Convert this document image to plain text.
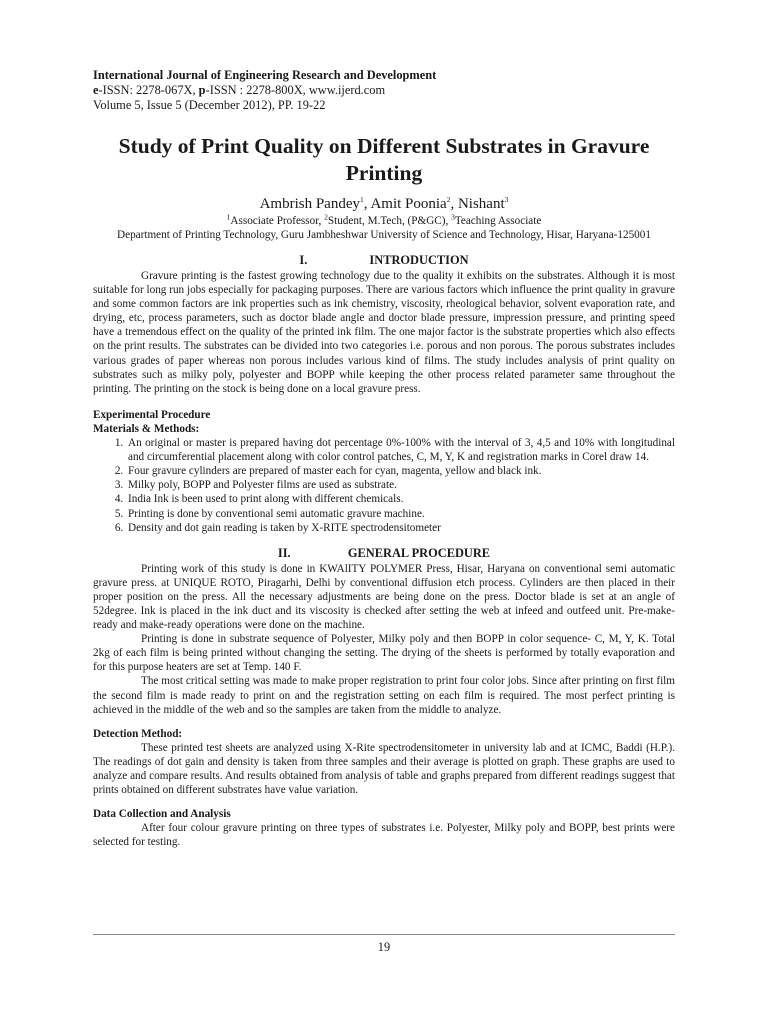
International Journal of Engineering Research and Development
e-ISSN: 2278-067X, p-ISSN : 2278-800X, www.ijerd.com
Volume 5, Issue 5 (December 2012), PP. 19-22
Study of Print Quality on Different Substrates in Gravure Printing
Ambrish Pandey$^1$, Amit Poonia$^2$, Nishant$^3$
$^1$Associate Professor, $^2$Student, M.Tech, (P&GC), $^3$Teaching Associate
Department of Printing Technology, Guru Jambheshwar University of Science and Technology, Hisar, Haryana-125001
I.	INTRODUCTION

Gravure printing is the fastest growing technology due to the quality it exhibits on the substrates. Although it is most suitable for long run jobs especially for packaging purposes. There are various factors which influence the print quality in gravure and some common factors are ink properties such as ink chemistry, viscosity, rheological behavior, solvent evaporation rate, and drying, etc, process parameters, such as doctor blade angle and doctor blade pressure, impression pressure, and printing speed have a tremendous effect on the quality of the printed ink film. The one major factor is the substrate properties which also effects on the print results. The substrates can be divided into two categories i.e. porous and non porous. The porous substrates includes various grades of paper whereas non porous includes various kind of films. The study includes analysis of print quality on substrates such as milky poly, polyester and BOPP while keeping the other process related parameter same throughout the printing. The printing on the stock is being done on a local gravure press.

Experimental Procedure
Materials & Methods:
1. An original or master is prepared having dot percentage 0%-100% with the interval of 3, 4,5 and 10% with longitudinal and circumferential placement along with color control patches, C, M, Y, K and registration marks in Corel draw 14.
2. Four gravure cylinders are prepared of master each for cyan, magenta, yellow and black ink.
3. Milky poly, BOPP and Polyester films are used as substrate.
4. India Ink is been used to print along with different chemicals.
5. Printing is done by conventional semi automatic gravure machine.
6. Density and dot gain reading is taken by X-RITE spectrodensitometer
II.	GENERAL PROCEDURE

Printing work of this study is done in KWAlITY POLYMER Press, Hisar, Haryana on conventional semi automatic gravure press. at UNIQUE ROTO, Piragarhi, Delhi by conventional diffusion etch process. Cylinders are then placed in their proper position on the press. All the necessary adjustments are being done on the press. Doctor blade is set at an angle of 52degree. Ink is placed in the ink duct and its viscosity is checked after setting the web at infeed and outfeed unit. Pre-make-ready and make-ready operations were done on the machine.

Printing is done in substrate sequence of Polyester, Milky poly and then BOPP in color sequence- C, M, Y, K. Total 2kg of each film is being printed without changing the setting. The drying of the sheets is performed by totally evaporation and for this purpose heaters are set at Temp. 140 F.

The most critical setting was made to make proper registration to print four color jobs. Since after printing on first film the second film is made ready to print on and the registration setting on each film is required. The most perfect printing is achieved in the middle of the web and so the samples are taken from the middle to analyze.

Detection Method:

These printed test sheets are analyzed using X-Rite spectrodensitometer in university lab and at ICMC, Baddi (H.P.). The readings of dot gain and density is taken from three samples and their average is plotted on graph. These graphs are used to analyze and compare results. And results obtained from analysis of table and graphs prepared from different readings suggest that prints obtained on different substrates have value variation.

Data Collection and Analysis

After four colour gravure printing on three types of substrates i.e. Polyester, Milky poly and BOPP, best prints were selected for testing.

19
